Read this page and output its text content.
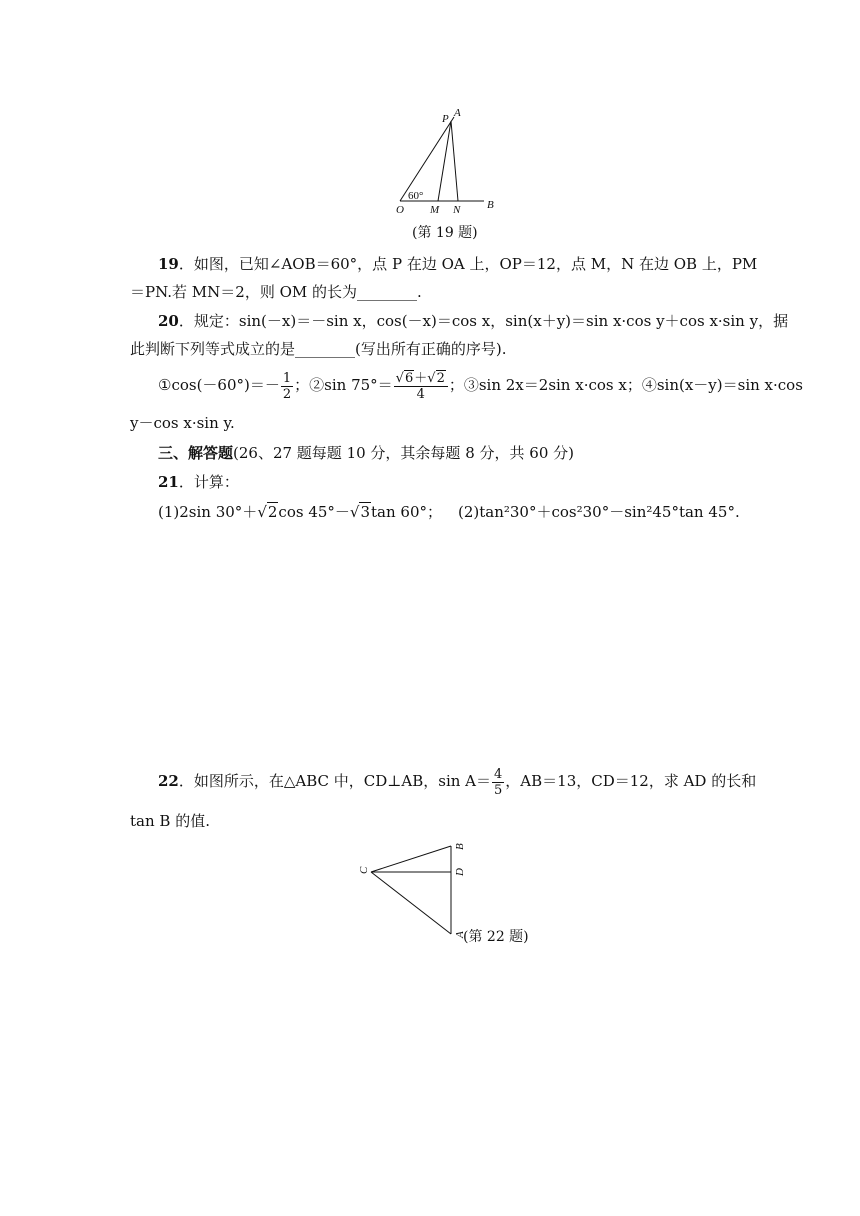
P A
60°
O M N B
(第 19 题)
19．如图，已知∠AOB＝60°，点 P 在边 OA 上，OP＝12，点 M，N 在边 OB 上，PM
＝PN.若 MN＝2，则 OM 的长为________.
20．规定：sin(－x)＝－sin x，cos(－x)＝cos x，sin(x＋y)＝sin x·cos y＋cos x·sin y，据
此判断下列等式成立的是________(写出所有正确的序号).
①cos(－60°)＝－ $\frac{1}{2}$ ；②sin $75^\circ= \frac{√6+√2}{4}$ ；③sin 2x＝2sin x·cos x；④sin(x－y)＝sin x·cos
y－cos x·sin y.
三、解答题(26、27 题每题 10 分，其余每题 8 分，共 60 分)
21．计算：
(1)2sin 30°＋√2cos 45°－√3tan 60°； (2)tan²30°＋cos²30°－sin²45°tan 45°.
22．如图所示，在△ABC 中，CD⊥AB，$\sin A= \frac{4}{5}$ ，AB＝13，CD＝12，求 AD 的长和
tan B 的值.
C
B
D
A
(第 22 题)
